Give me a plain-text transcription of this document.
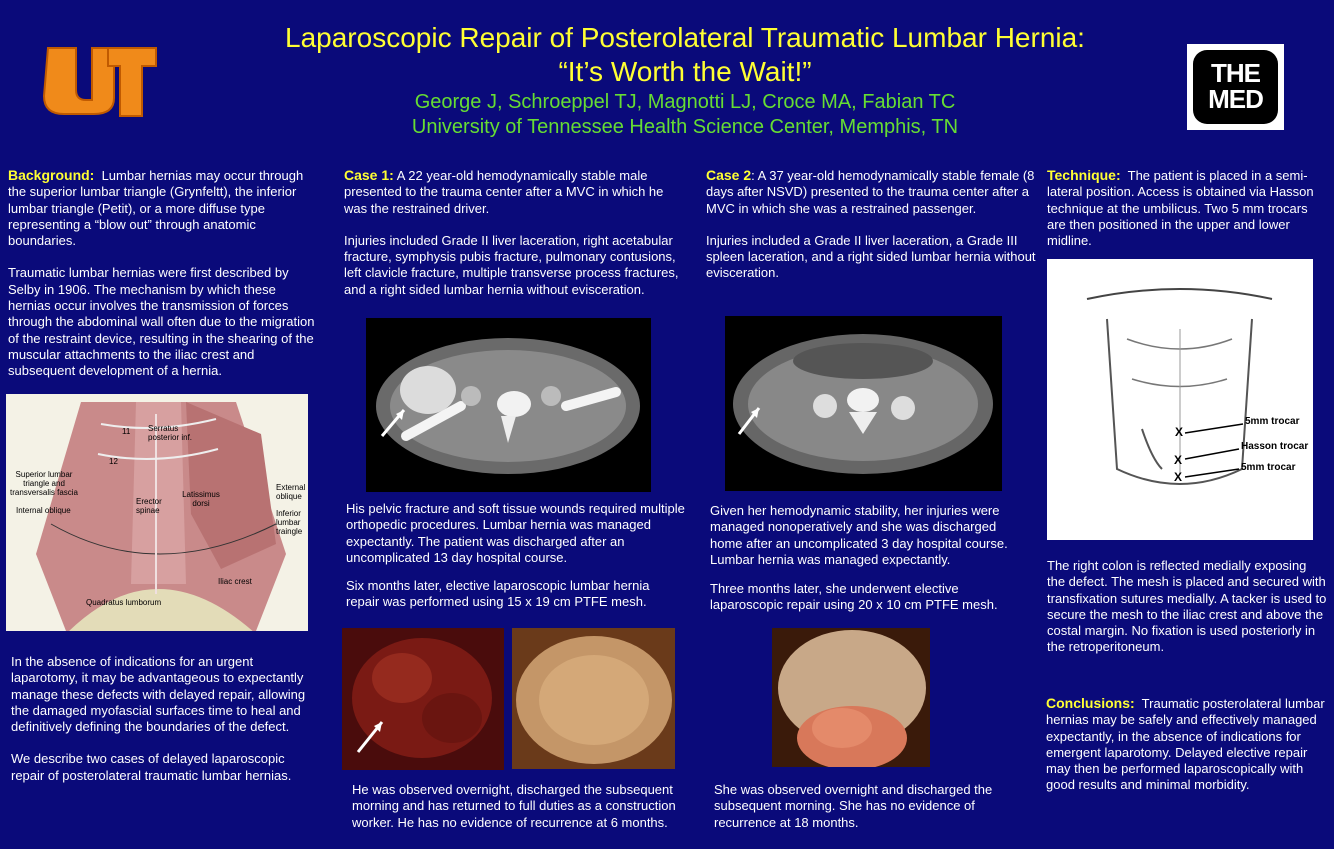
Laparoscopic Repair of Posterolateral Traumatic Lumbar Hernia:
“It’s Worth the Wait!”
George J, Schroeppel TJ, Magnotti LJ, Croce MA, Fabian TC
University of Tennessee Health Science Center, Memphis, TN
THE
MED

Background: Lumbar hernias may occur through the superior lumbar triangle (Grynfeltt), the inferior lumbar triangle (Petit), or a more diffuse type representing a “blow out” through anatomic boundaries.

Traumatic lumbar hernias were first described by Selby in 1906. The mechanism by which these hernias occur involves the transmission of forces through the abdominal wall often due to the migration of the restraint device, resulting in the shearing of the muscular attachments to the iliac crest and subsequent development of a hernia.

11
12
Serratus posterior inf.
Superior lumbar triangle and transversalis fascia
Internal oblique
Erector spinae
Latissimus dorsi
External oblique
Inferior lumbar traingle
Iliac crest
Quadratus lumborum

In the absence of indications for an urgent laparotomy, it may be advantageous to expectantly manage these defects with delayed repair, allowing the damaged myofascial surfaces time to heal and definitively defining the boundaries of the defect.

We describe two cases of delayed laparoscopic repair of posterolateral traumatic lumbar hernias.

Case 1: A 22 year-old hemodynamically stable male presented to the trauma center after a MVC in which he was the restrained driver.

Injuries included Grade II liver laceration, right acetabular fracture, symphysis pubis fracture, pulmonary contusions, left clavicle fracture, multiple transverse process fractures, and a right sided lumbar hernia without evisceration.

His pelvic fracture and soft tissue wounds required multiple orthopedic procedures. Lumbar hernia was managed expectantly. The patient was discharged after an uncomplicated 13 day hospital course.

Six months later, elective laparoscopic lumbar hernia repair was performed using 15 x 19 cm PTFE mesh.

He was observed overnight, discharged the subsequent morning and has returned to full duties as a construction worker. He has no evidence of recurrence at 6 months.

Case 2: A 37 year-old hemodynamically stable female (8 days after NSVD) presented to the trauma center after a MVC in which she was a restrained passenger.

Injuries included a Grade II liver laceration, a Grade III spleen laceration, and a right sided lumbar hernia without evisceration.

Given her hemodynamic stability, her injuries were managed nonoperatively and she was discharged home after an uncomplicated 3 day hospital course. Lumbar hernia was managed expectantly.

Three months later, she underwent elective laparoscopic repair using 20 x 10 cm PTFE mesh.

She was observed overnight and discharged the subsequent morning. She has no evidence of recurrence at 18 months.

Technique: The patient is placed in a semi-lateral position. Access is obtained via Hasson technique at the umbilicus. Two 5 mm trocars are then positioned in the upper and lower midline.

X
X
X
5mm trocar
Hasson trocar
5mm trocar

The right colon is reflected medially exposing the defect. The mesh is placed and secured with transfixation sutures medially. A tacker is used to secure the mesh to the iliac crest and above the costal margin. No fixation is used posteriorly in the retroperitoneum.

Conclusions: Traumatic posterolateral lumbar hernias may be safely and effectively managed expectantly, in the absence of indications for emergent laparotomy. Delayed elective repair may then be performed laparoscopically with good results and minimal morbidity.
